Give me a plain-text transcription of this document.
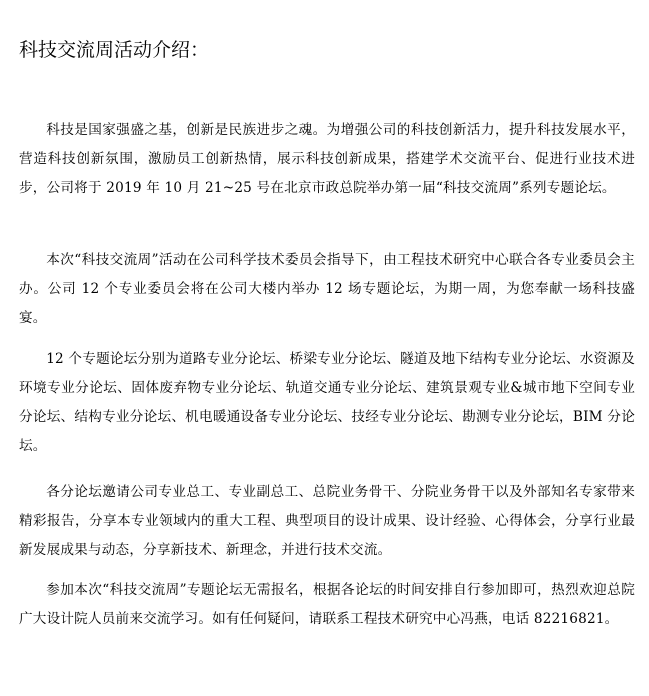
科技交流周活动介绍：

科技是国家强盛之基，创新是民族进步之魂。为增强公司的科技创新活力，提升科技发展水平，营造科技创新氛围，激励员工创新热情，展示科技创新成果，搭建学术交流平台、促进行业技术进步，公司将于 2019 年 10 月 21~25 号在北京市政总院举办第一届“科技交流周”系列专题论坛。

本次“科技交流周”活动在公司科学技术委员会指导下，由工程技术研究中心联合各专业委员会主办。公司 12 个专业委员会将在公司大楼内举办 12 场专题论坛，为期一周，为您奉献一场科技盛宴。

12 个专题论坛分别为道路专业分论坛、桥梁专业分论坛、隧道及地下结构专业分论坛、水资源及环境专业分论坛、固体废弃物专业分论坛、轨道交通专业分论坛、建筑景观专业&城市地下空间专业分论坛、结构专业分论坛、机电暖通设备专业分论坛、技经专业分论坛、勘测专业分论坛，BIM 分论坛。

各分论坛邀请公司专业总工、专业副总工、总院业务骨干、分院业务骨干以及外部知名专家带来精彩报告，分享本专业领域内的重大工程、典型项目的设计成果、设计经验、心得体会，分享行业最新发展成果与动态，分享新技术、新理念，并进行技术交流。

参加本次“科技交流周”专题论坛无需报名，根据各论坛的时间安排自行参加即可，热烈欢迎总院广大设计院人员前来交流学习。如有任何疑问，请联系工程技术研究中心冯燕，电话 82216821。
